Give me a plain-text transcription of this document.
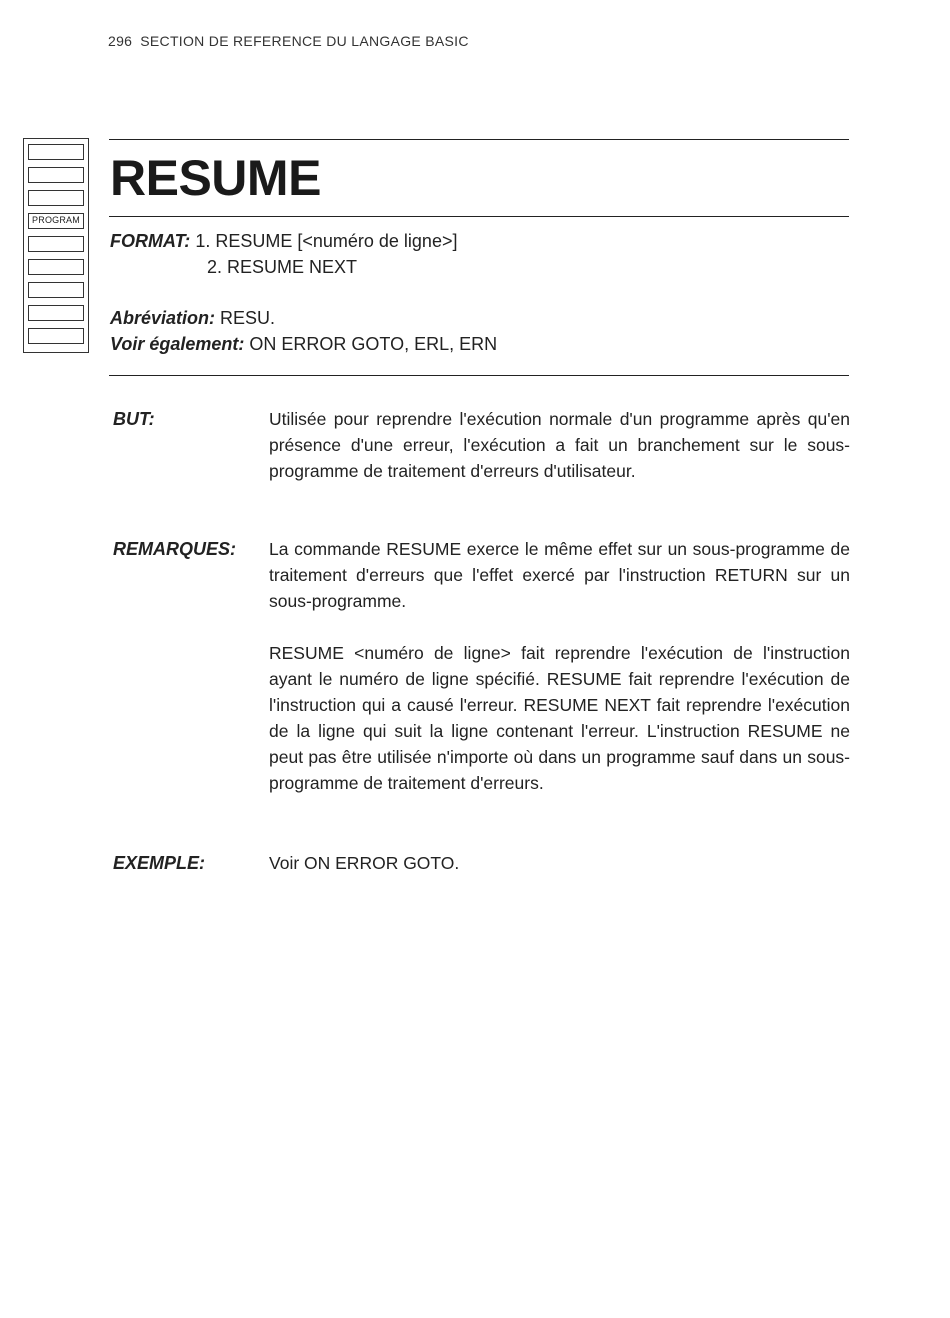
296 SECTION DE REFERENCE DU LANGAGE BASIC
PROGRAM
RESUME
FORMAT: 1. RESUME [<numéro de ligne>]
2. RESUME NEXT
Abréviation: RESU.
Voir également: ON ERROR GOTO, ERL, ERN
BUT:	Utilisée pour reprendre l'exécution normale d'un programme après qu'en présence d'une erreur, l'exécution a fait un branchement sur le sous-programme de traitement d'erreurs d'utilisateur.

REMARQUES: La commande RESUME exerce le même effet sur un sous-programme de traitement d'erreurs que l'effet exercé par l'instruction RETURN sur un sous-programme.

RESUME <numéro de ligne> fait reprendre l'exécution de l'instruction ayant le numéro de ligne spécifié. RESUME fait reprendre l'exécution de l'instruction qui a causé l'erreur. RESUME NEXT fait reprendre l'exécution de la ligne qui suit la ligne contenant l'erreur. L'instruction RESUME ne peut pas être utilisée n'importe où dans un programme sauf dans un sous-programme de traitement d'erreurs.

EXEMPLE:	Voir ON ERROR GOTO.
